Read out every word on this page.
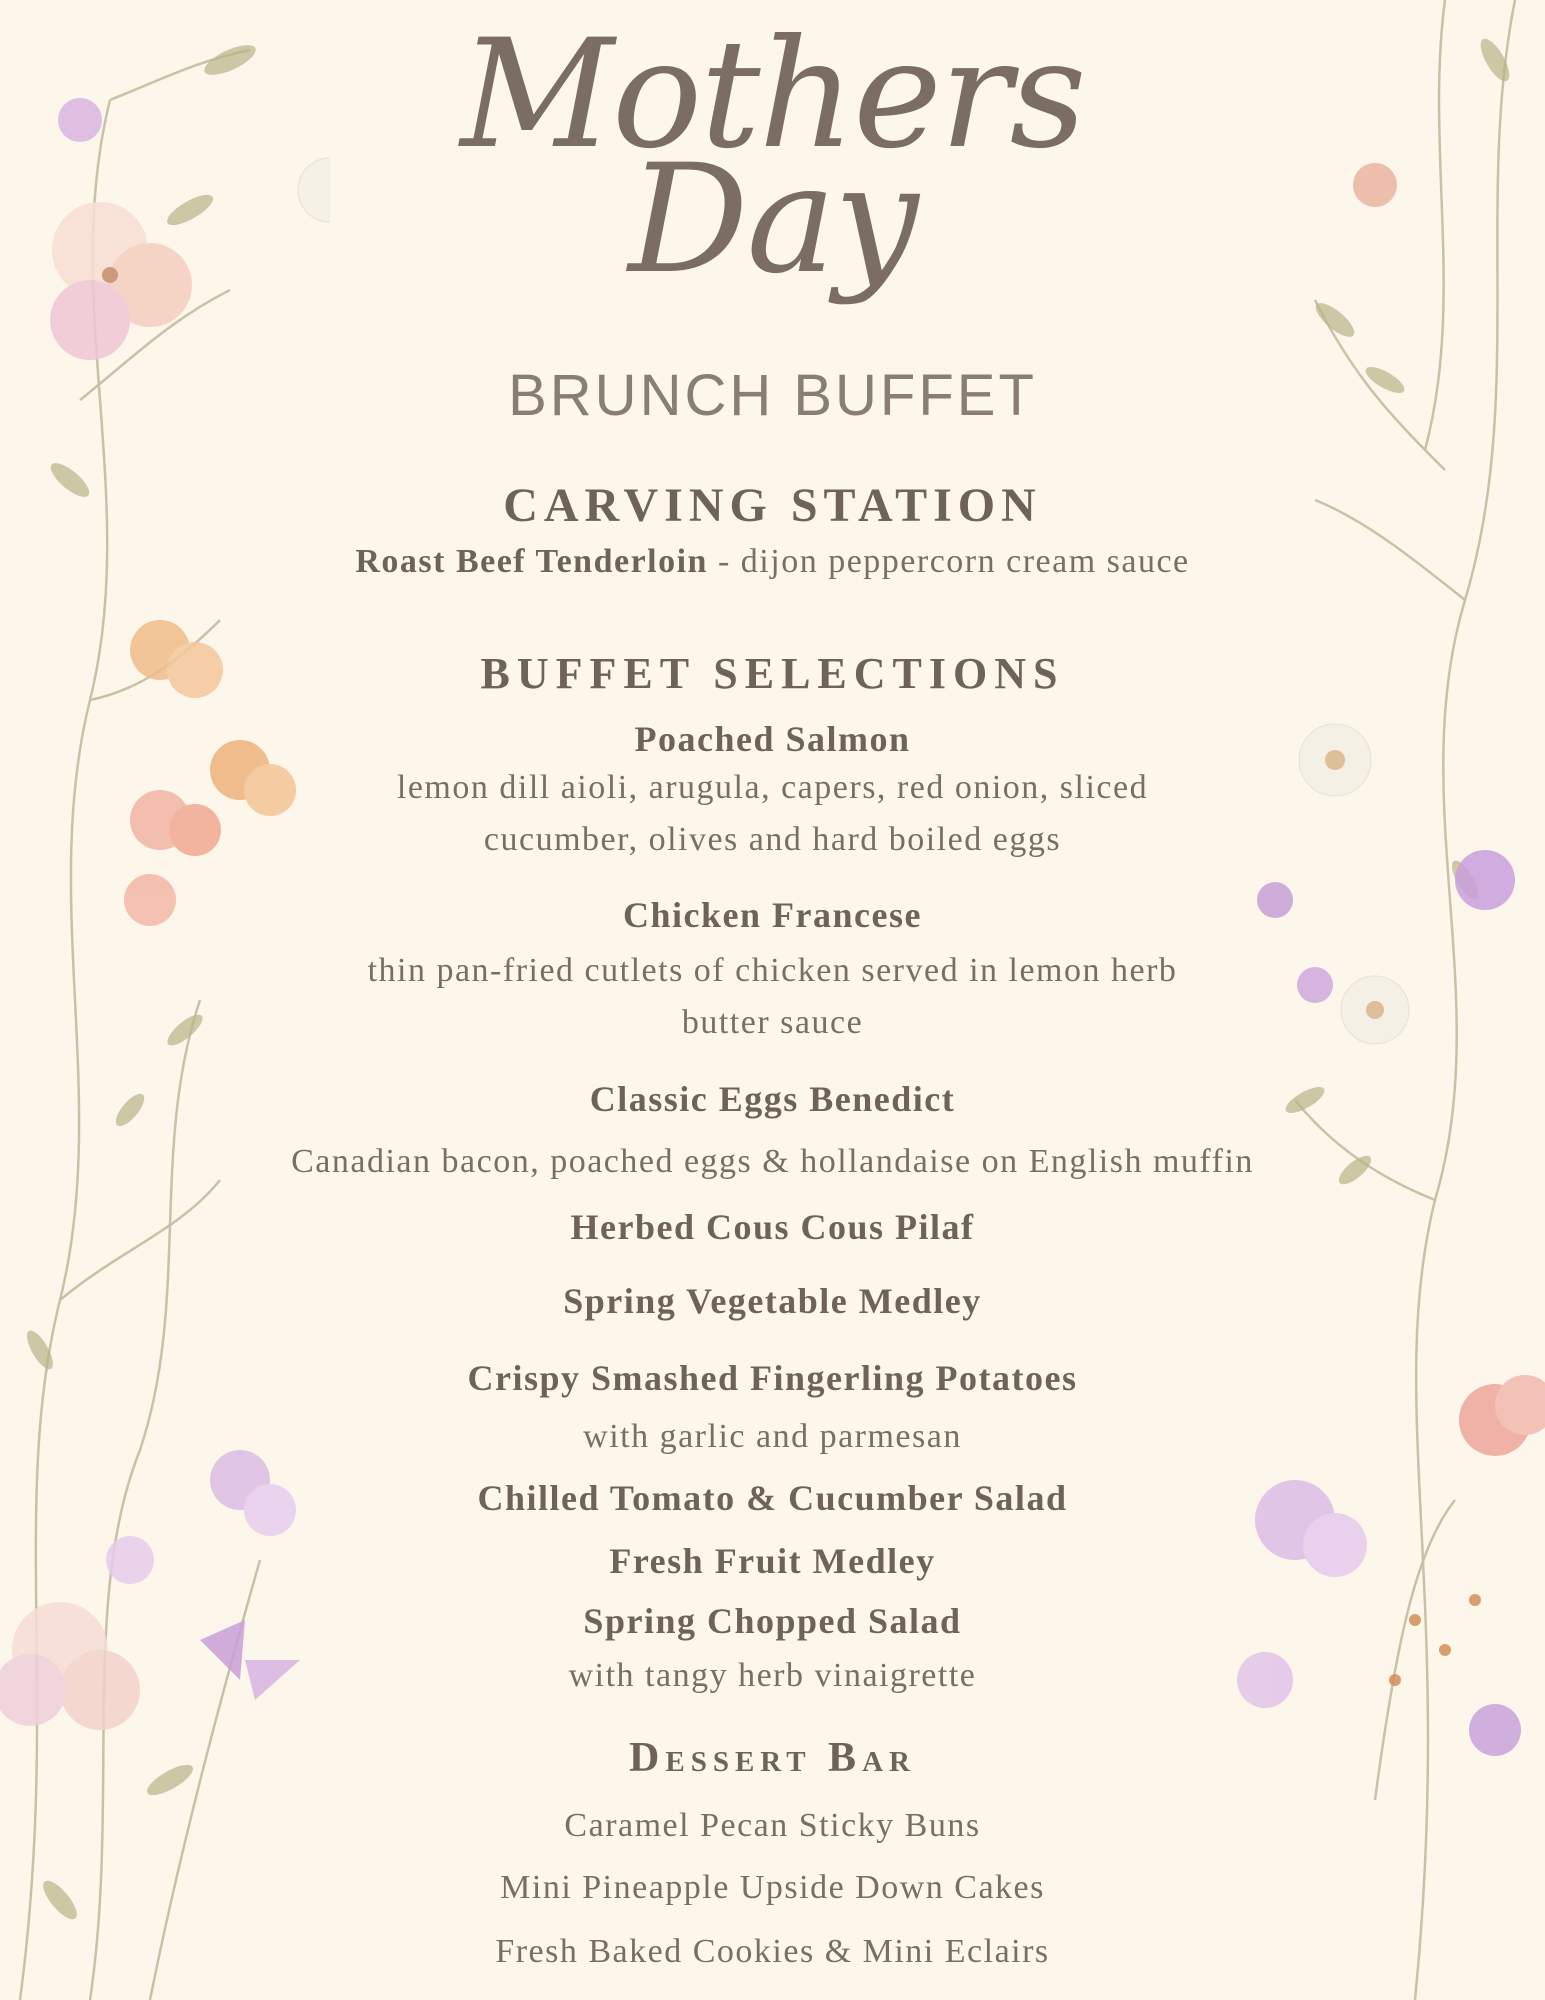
Mothers
Day
BRUNCH BUFFET
CARVING STATION
Roast Beef Tenderloin - dijon peppercorn cream sauce
BUFFET SELECTIONS
Poached Salmon
lemon dill aioli, arugula, capers, red onion, sliced
cucumber, olives and hard boiled eggs
Chicken Francese
thin pan-fried cutlets of chicken served in lemon herb
butter sauce
Classic Eggs Benedict
Canadian bacon, poached eggs & hollandaise on English muffin
Herbed Cous Cous Pilaf
Spring Vegetable Medley
Crispy Smashed Fingerling Potatoes
with garlic and parmesan
Chilled Tomato & Cucumber Salad
Fresh Fruit Medley
Spring Chopped Salad
with tangy herb vinaigrette
Dessert Bar
Caramel Pecan Sticky Buns
Mini Pineapple Upside Down Cakes
Fresh Baked Cookies & Mini Eclairs
